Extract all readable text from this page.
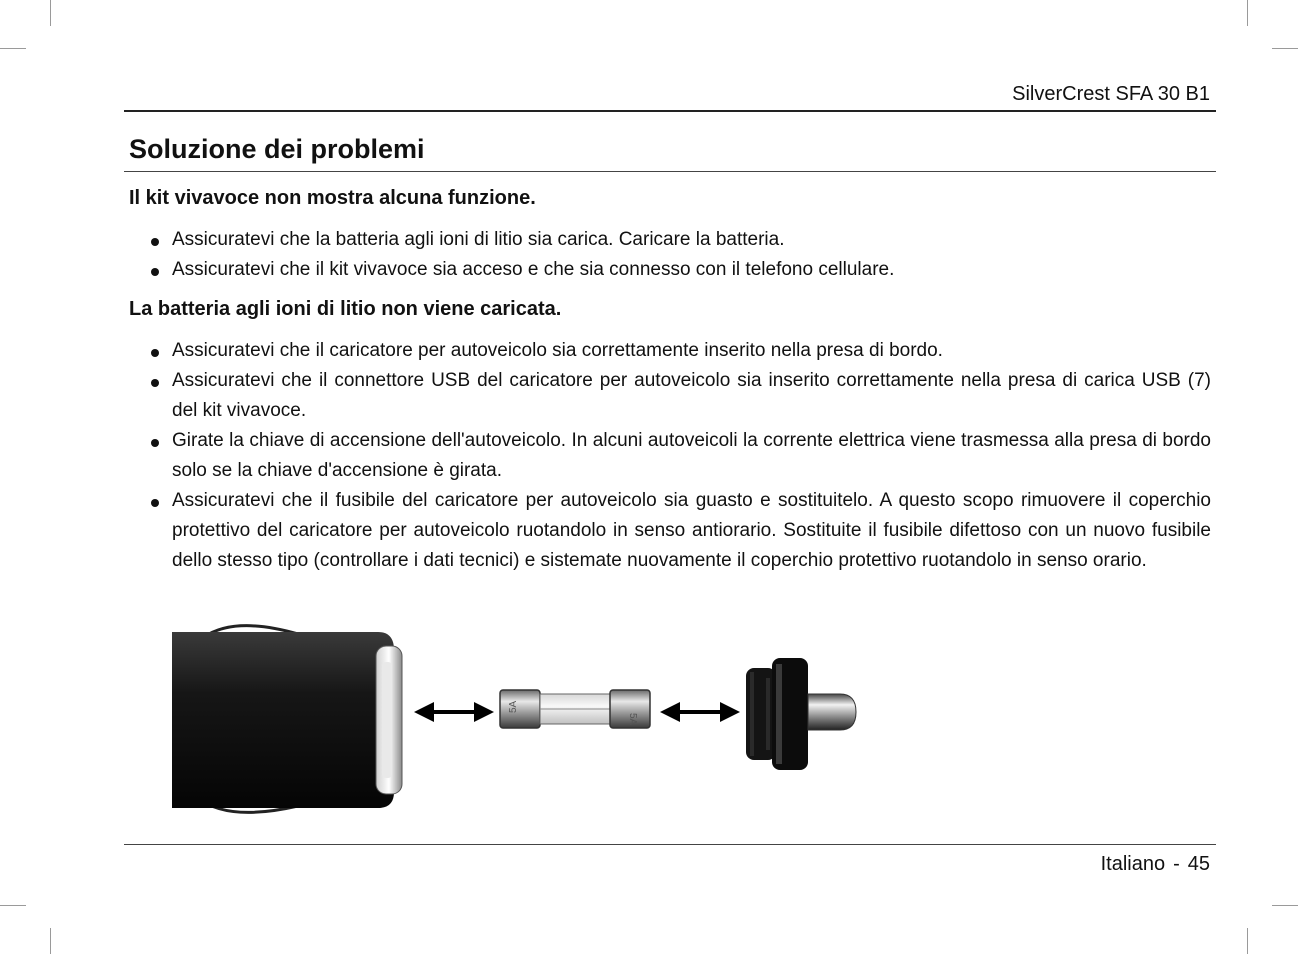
SilverCrest SFA 30 B1
Soluzione dei problemi
Il kit vivavoce non mostra alcuna funzione.
Assicuratevi che la batteria agli ioni di litio sia carica. Caricare la batteria.
Assicuratevi che il kit vivavoce sia acceso e che sia connesso con il telefono cellulare.
La batteria agli ioni di litio non viene caricata.
Assicuratevi che il caricatore per autoveicolo sia correttamente inserito nella presa di bordo.
Assicuratevi che il connettore USB del caricatore per autoveicolo sia inserito correttamente nella presa di carica USB (7) del kit vivavoce.
Girate la chiave di accensione dell'autoveicolo. In alcuni autoveicoli la corrente elettrica viene trasmessa alla presa di bordo solo se la chiave d'accensione è girata.
Assicuratevi che il fusibile del caricatore per autoveicolo sia guasto e sostituitelo. A questo scopo rimuovere il coperchio protettivo del caricatore per autoveicolo ruotandolo in senso antiorario. Sostituite il fusibile difettoso con un nuovo fusibile dello stesso tipo (controllare i dati tecnici) e sistemate nuovamente il coperchio protettivo ruotandolo in senso orario.
5A
5A
Italiano - 45
